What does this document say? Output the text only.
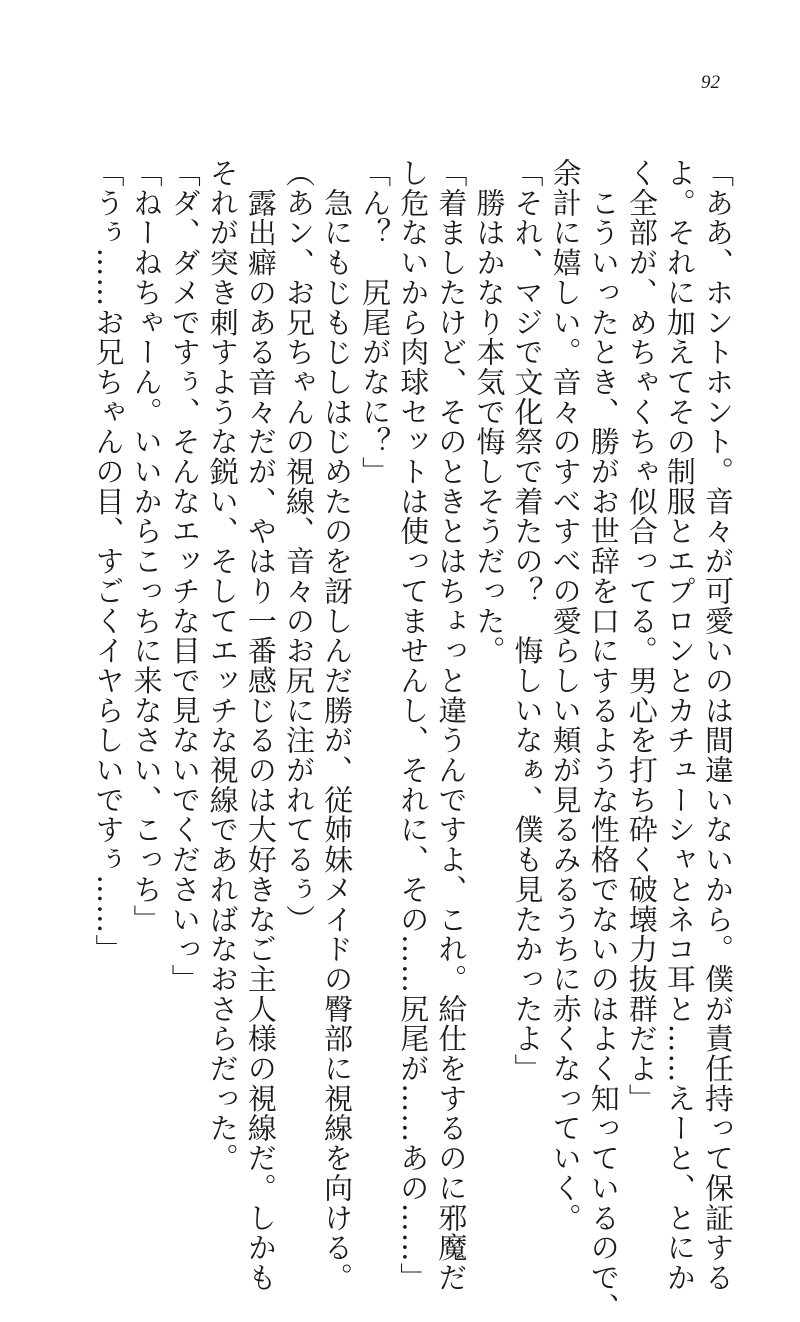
92
「ああ、ホントホント。音々が可愛いのは間違いないから。僕が責任持って保証する
よ。それに加えてその制服とエプロンとカチューシャとネコ耳と……えーと、とにか
く全部が、めちゃくちゃ似合ってる。男心を打ち砕く破壊力抜群だよ」
　こういったとき、勝がお世辞を口にするような性格でないのはよく知っているので、
余計に嬉しい。音々のすべすべの愛らしい頬が見るみるうちに赤くなっていく。
「それ、マジで文化祭で着たの？　悔しいなぁ、僕も見たかったよ」
　勝はかなり本気で悔しそうだった。
「着ましたけど、そのときとはちょっと違うんですよ、これ。給仕をするのに邪魔だ
し危ないから肉球セットは使ってませんし、それに、その……尻尾が……あの……」
「ん？　尻尾がなに？」
　急にもじもじしはじめたのを訝しんだ勝が、従姉妹メイドの臀部に視線を向ける。
（あン、お兄ちゃんの視線、音々のお尻に注がれてるぅ）
　露出癖のある音々だが、やはり一番感じるのは大好きなご主人様の視線だ。しかも
それが突き刺すような鋭い、そしてエッチな視線であればなおさらだった。
「ダ、ダメですぅ、そんなエッチな目で見ないでくださいっ」
「ねーねちゃーん。いいからこっちに来なさい、こっち」
「うぅ……お兄ちゃんの目、すごくイヤらしいですぅ……」
